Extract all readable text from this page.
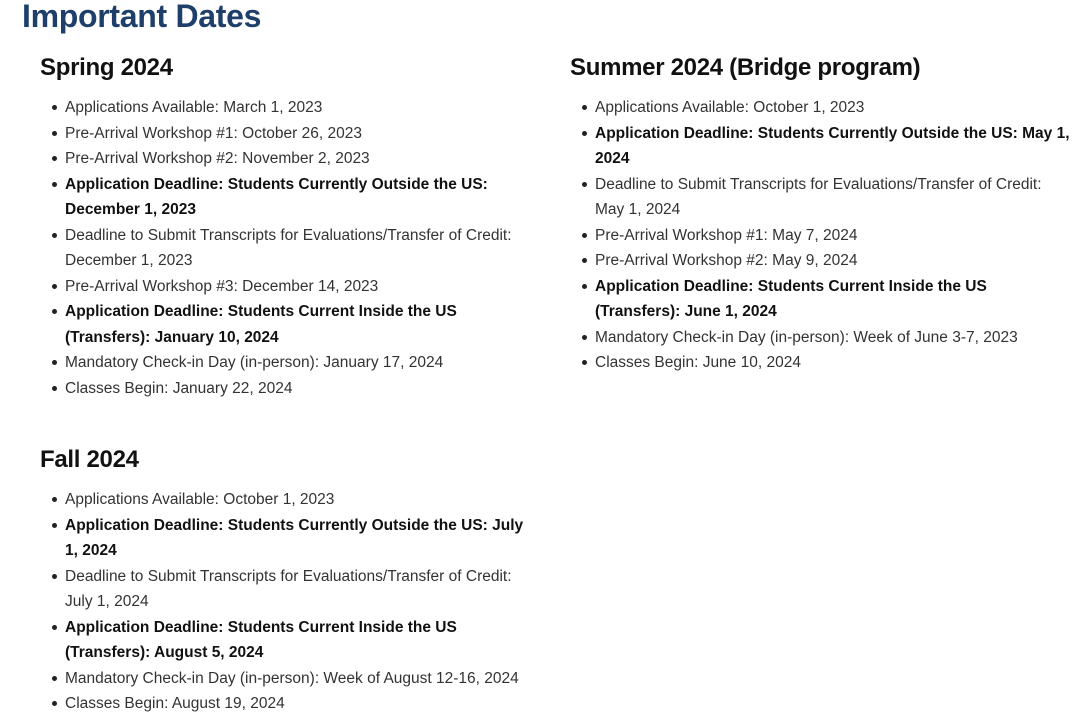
Important Dates
Spring 2024
Applications Available: March 1, 2023
Pre-Arrival Workshop #1: October 26, 2023
Pre-Arrival Workshop #2: November 2, 2023
Application Deadline: Students Currently Outside the US: December 1, 2023
Deadline to Submit Transcripts for Evaluations/Transfer of Credit: December 1, 2023
Pre-Arrival Workshop #3: December 14, 2023
Application Deadline: Students Current Inside the US (Transfers): January 10, 2024
Mandatory Check-in Day (in-person): January 17, 2024
Classes Begin: January 22, 2024
Summer 2024 (Bridge program)
Applications Available: October 1, 2023
Application Deadline: Students Currently Outside the US: May 1, 2024
Deadline to Submit Transcripts for Evaluations/Transfer of Credit: May 1, 2024
Pre-Arrival Workshop #1: May 7, 2024
Pre-Arrival Workshop #2: May 9, 2024
Application Deadline: Students Current Inside the US (Transfers): June 1, 2024
Mandatory Check-in Day (in-person): Week of June 3-7, 2023
Classes Begin: June 10, 2024
Fall 2024
Applications Available: October 1, 2023
Application Deadline: Students Currently Outside the US: July 1, 2024
Deadline to Submit Transcripts for Evaluations/Transfer of Credit: July 1, 2024
Application Deadline: Students Current Inside the US (Transfers): August 5, 2024
Mandatory Check-in Day (in-person): Week of August 12-16, 2024
Classes Begin: August 19, 2024
